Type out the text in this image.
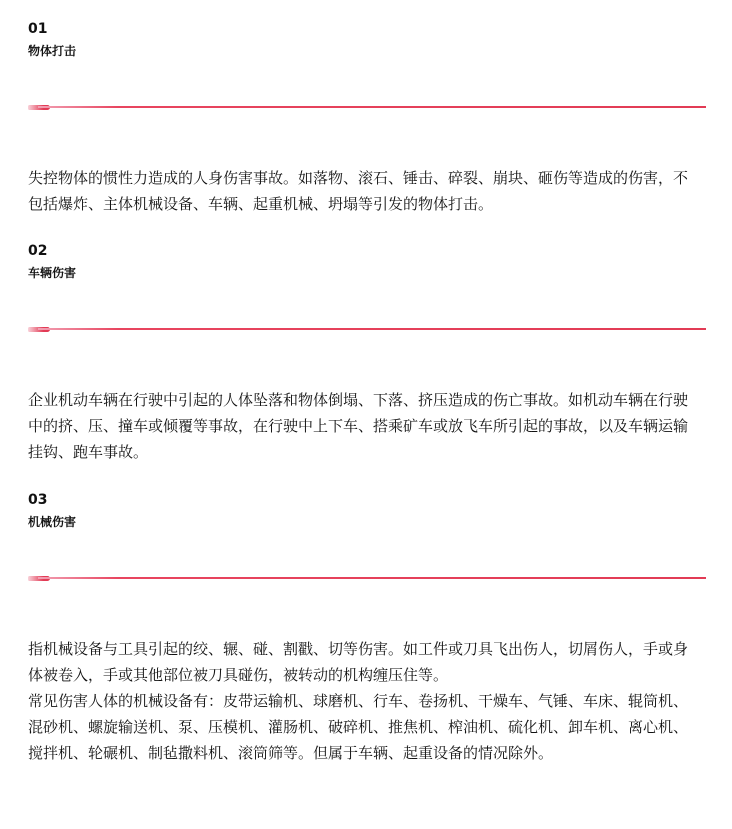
01
物体打击

失控物体的惯性力造成的人身伤害事故。如落物、滚石、锤击、碎裂、崩块、砸伤等造成的伤害，不包括爆炸、主体机械设备、车辆、起重机械、坍塌等引发的物体打击。

02
车辆伤害

企业机动车辆在行驶中引起的人体坠落和物体倒塌、下落、挤压造成的伤亡事故。如机动车辆在行驶中的挤、压、撞车或倾覆等事故，在行驶中上下车、搭乘矿车或放飞车所引起的事故，以及车辆运输挂钩、跑车事故。

03
机械伤害

指机械设备与工具引起的绞、辗、碰、割戳、切等伤害。如工件或刀具飞出伤人，切屑伤人，手或身体被卷入，手或其他部位被刀具碰伤，被转动的机构缠压住等。

常见伤害人体的机械设备有：皮带运输机、球磨机、行车、卷扬机、干燥车、气锤、车床、辊筒机、混砂机、螺旋输送机、泵、压模机、灌肠机、破碎机、推焦机、榨油机、硫化机、卸车机、离心机、搅拌机、轮碾机、制毡撒料机、滚筒筛等。但属于车辆、起重设备的情况除外。
